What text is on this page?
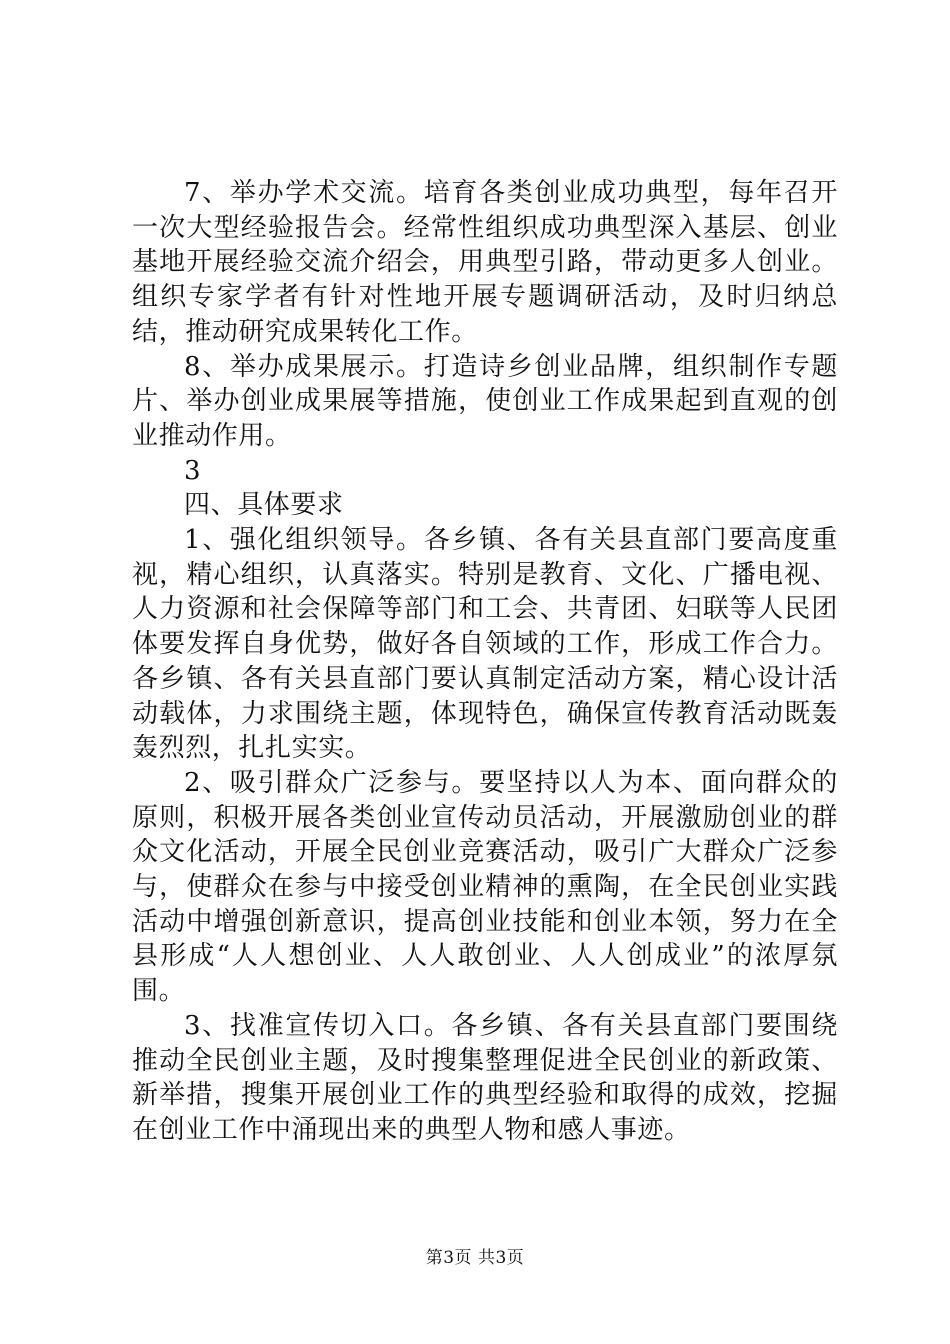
7、举办学术交流。培育各类创业成功典型，每年召开一次大型经验报告会。经常性组织成功典型深入基层、创业基地开展经验交流介绍会，用典型引路，带动更多人创业。组织专家学者有针对性地开展专题调研活动，及时归纳总结，推动研究成果转化工作。

8、举办成果展示。打造诗乡创业品牌，组织制作专题片、举办创业成果展等措施，使创业工作成果起到直观的创业推动作用。

3

四、具体要求

1、强化组织领导。各乡镇、各有关县直部门要高度重视，精心组织，认真落实。特别是教育、文化、广播电视、人力资源和社会保障等部门和工会、共青团、妇联等人民团体要发挥自身优势，做好各自领域的工作，形成工作合力。各乡镇、各有关县直部门要认真制定活动方案，精心设计活动载体，力求围绕主题，体现特色，确保宣传教育活动既轰轰烈烈，扎扎实实。

2、吸引群众广泛参与。要坚持以人为本、面向群众的原则，积极开展各类创业宣传动员活动，开展激励创业的群众文化活动，开展全民创业竞赛活动，吸引广大群众广泛参与，使群众在参与中接受创业精神的熏陶，在全民创业实践活动中增强创新意识，提高创业技能和创业本领，努力在全县形成“人人想创业、人人敢创业、人人创成业”的浓厚氛围。

3、找准宣传切入口。各乡镇、各有关县直部门要围绕推动全民创业主题，及时搜集整理促进全民创业的新政策、新举措，搜集开展创业工作的典型经验和取得的成效，挖掘在创业工作中涌现出来的典型人物和感人事迹。

第3页 共3页
